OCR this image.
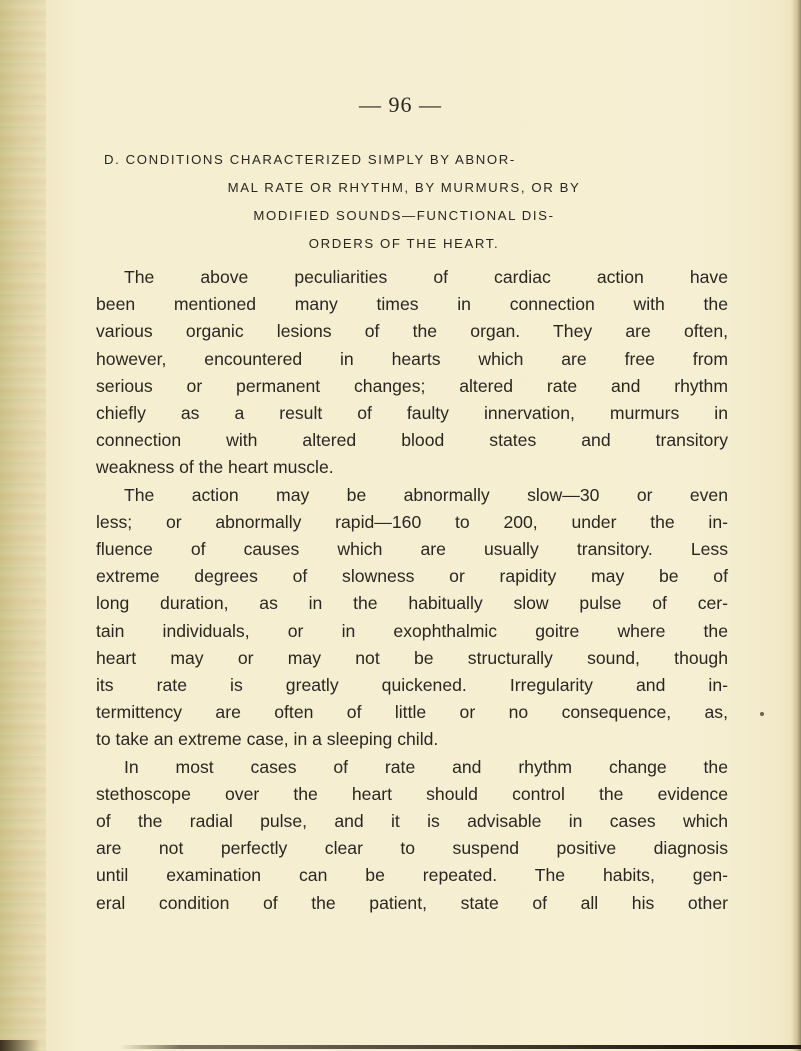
— 96 —
D. CONDITIONS CHARACTERIZED SIMPLY BY ABNOR-
MAL RATE OR RHYTHM, BY MURMURS, OR BY
MODIFIED SOUNDS—FUNCTIONAL DIS-
ORDERS OF THE HEART.
The above peculiarities of cardiac action have
been mentioned many times in connection with the
various organic lesions of the organ. They are often,
however, encountered in hearts which are free from
serious or permanent changes; altered rate and rhythm
chiefly as a result of faulty innervation, murmurs in
connection with altered blood states and transitory
weakness of the heart muscle.
The action may be abnormally slow—30 or even
less; or abnormally rapid—160 to 200, under the in-
fluence of causes which are usually transitory. Less
extreme degrees of slowness or rapidity may be of
long duration, as in the habitually slow pulse of cer-
tain individuals, or in exophthalmic goitre where the
heart may or may not be structurally sound, though
its rate is greatly quickened. Irregularity and in-
termittency are often of little or no consequence, as,
to take an extreme case, in a sleeping child.
In most cases of rate and rhythm change the
stethoscope over the heart should control the evidence
of the radial pulse, and it is advisable in cases which
are not perfectly clear to suspend positive diagnosis
until examination can be repeated. The habits, gen-
eral condition of the patient, state of all his other
